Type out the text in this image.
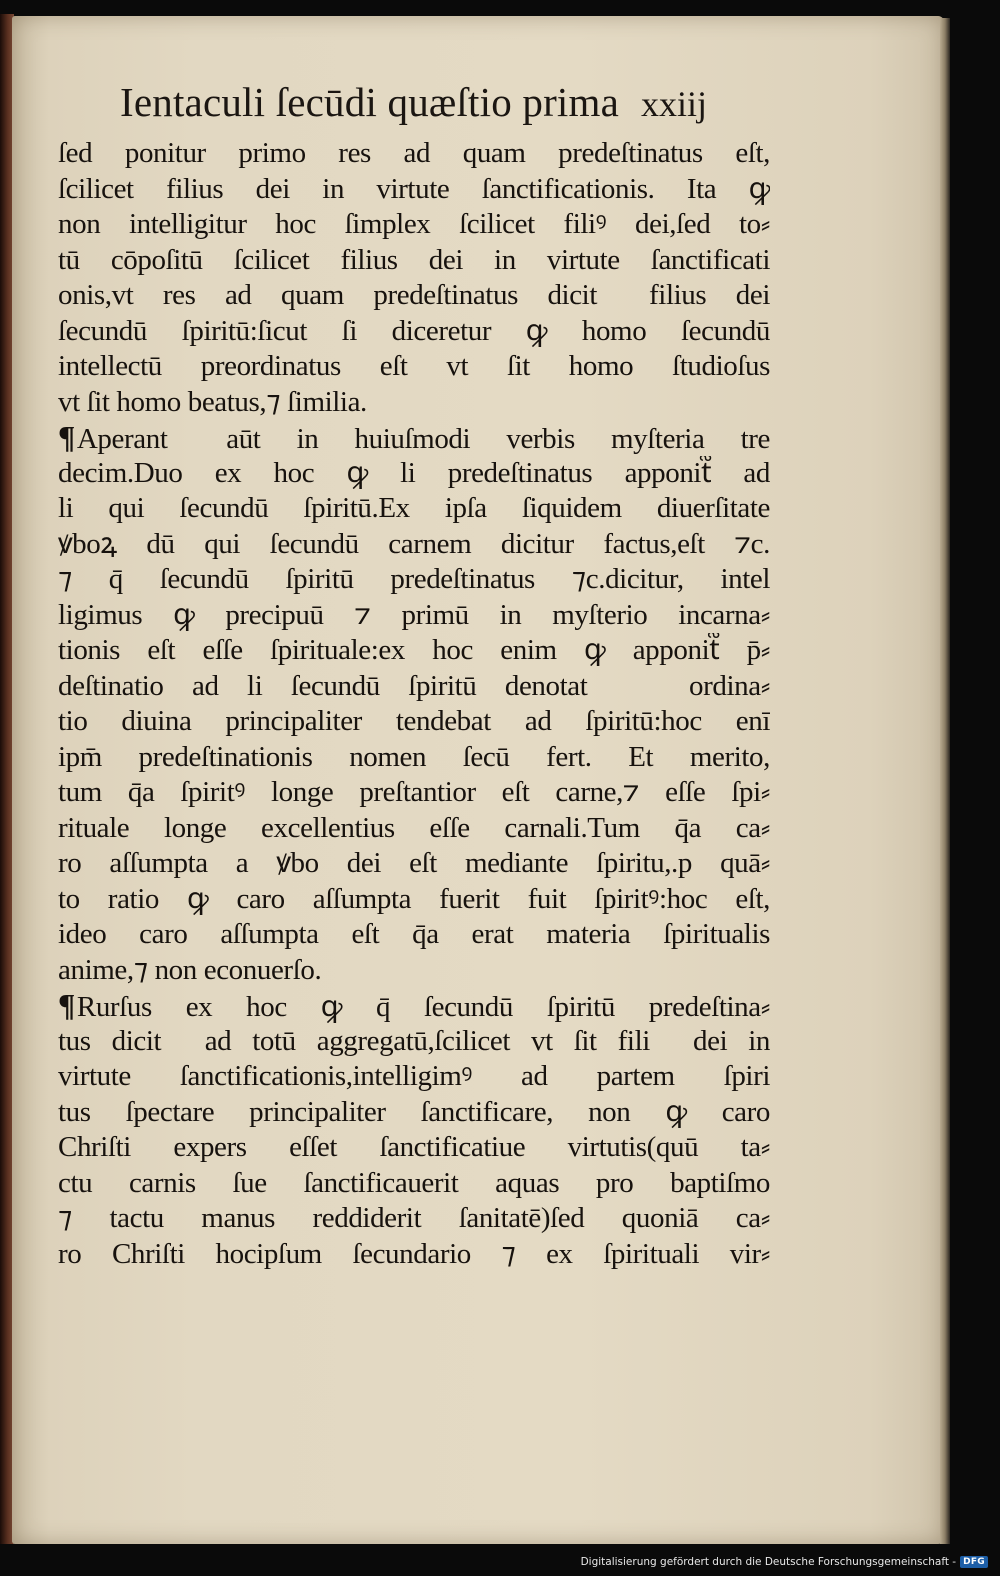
Ientaculi ſecūdi quæſtio prima xxiij
ſed ponitur primo res ad quam predeſtinatus eſt,
ſcilicet filius dei in virtute ſanctificationis. Ita ꝙ
non intelligitur hoc ſimplex ſcilicet filiꝰ dei,ſed to⸗
tū cōpoſitū ſcilicet filius dei in virtute ſanctificati
onis,vt res ad quam predeſtinatus dicit᷑ filius dei
ſecundū ſpiritū:ſicut ſi diceretur ꝙ homo ſecundū
intellectū preordinatus eſt vt ſit homo ſtudioſus
vt ſit homo beatus,⁊ ſimilia.
¶Aperant᷑ aūt in huiuſmodi verbis myſteria tre
decim.Duo ex hoc ꝙ li predeſtinatus apponit᷑ ad
li qui ſecundū ſpiritū.Ex ipſa ſiquidem diuerſitate
ꝟboꝝ dū qui ſecundū carnem dicitur factus,eſt ⁊c.
⁊ q̄ ſecundū ſpiritū predeſtinatus ⁊c.dicitur, intel
ligimus ꝙ precipuū ⁊ primū in myſterio incarna⸗
tionis eſt eſſe ſpirituale:ex hoc enim ꝙ apponit᷑ p̄⸗
deſtinatio ad li ſecundū ſpiritū denotat᷑ ꝙ ordina⸗
tio diuina principaliter tendebat ad ſpiritū:hoc enī
ipm̄ predeſtinationis nomen ſecū fert. Et merito,
tum q̄a ſpiritꝰ longe preſtantior eſt carne,⁊ eſſe ſpi⸗
rituale longe excellentius eſſe carnali.Tum q̄a ca⸗
ro aſſumpta a ꝟbo dei eſt mediante ſpiritu,.p quā⸗
to ratio ꝙ caro aſſumpta fuerit fuit ſpiritꝰ:hoc eſt,
ideo caro aſſumpta eſt q̄a erat materia ſpiritualis
anime,⁊ non econuerſo.
¶Rurſus ex hoc ꝙ q̄ ſecundū ſpiritū predeſtina⸗
tus dicit᷑ ad totū aggregatū,ſcilicet vt ſit filiꝰ dei in
virtute ſanctificationis,intelligimꝰ ad partem ſpiri
tus ſpectare principaliter ſanctificare, non ꝙ caro
Chriſti expers eſſet ſanctificatiue virtutis(quū ta⸗
ctu carnis ſue ſanctificauerit aquas pro baptiſmo
⁊ tactu manus reddiderit ſanitatē)ſed quoniā ca⸗
ro Chriſti hocipſum ſecundario ⁊ ex ſpirituali vir⸗
Digitalisierung gefördert durch die Deutsche Forschungsgemeinschaft - DFG
